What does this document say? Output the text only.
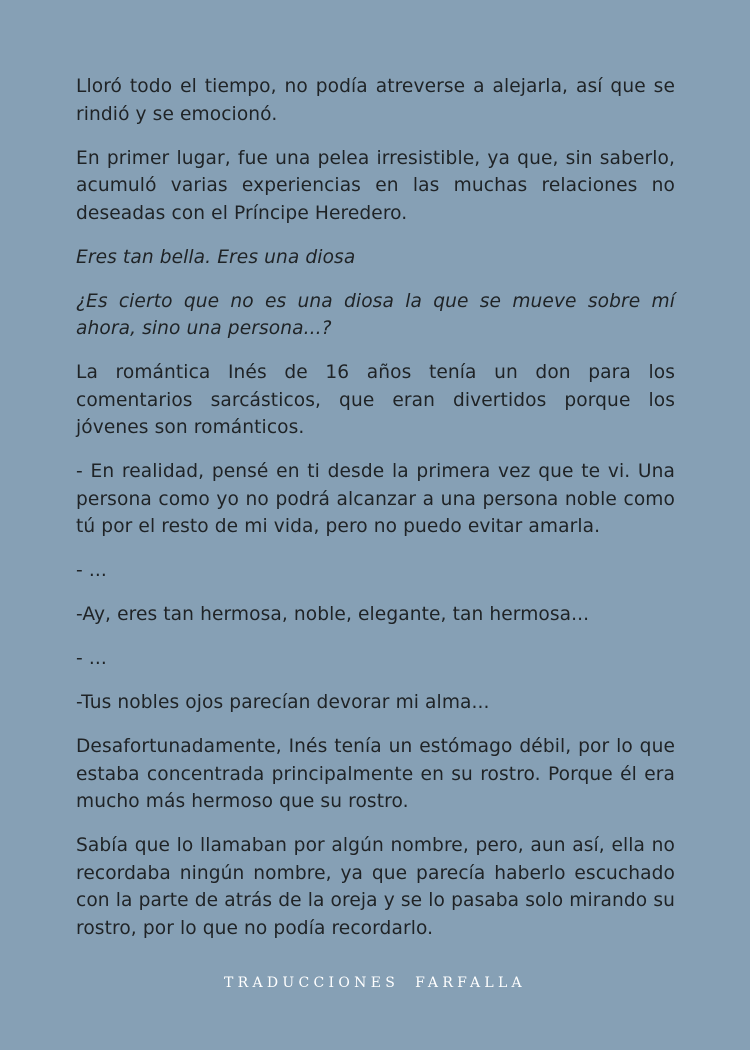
Lloró todo el tiempo, no podía atreverse a alejarla, así que se rindió y se emocionó.

En primer lugar, fue una pelea irresistible, ya que, sin saberlo, acumuló varias experiencias en las muchas relaciones no deseadas con el Príncipe Heredero.

Eres tan bella. Eres una diosa

¿Es cierto que no es una diosa la que se mueve sobre mí ahora, sino una persona...?

La romántica Inés de 16 años tenía un don para los comentarios sarcásticos, que eran divertidos porque los jóvenes son románticos.

- En realidad, pensé en ti desde la primera vez que te vi. Una persona como yo no podrá alcanzar a una persona noble como tú por el resto de mi vida, pero no puedo evitar amarla.

- ...

-Ay, eres tan hermosa, noble, elegante, tan hermosa...

- ...

-Tus nobles ojos parecían devorar mi alma...

Desafortunadamente, Inés tenía un estómago débil, por lo que estaba concentrada principalmente en su rostro. Porque él era mucho más hermoso que su rostro.

Sabía que lo llamaban por algún nombre, pero, aun así, ella no recordaba ningún nombre, ya que parecía haberlo escuchado con la parte de atrás de la oreja y se lo pasaba solo mirando su rostro, por lo que no podía recordarlo.

TRADUCCIONES FARFALLA
